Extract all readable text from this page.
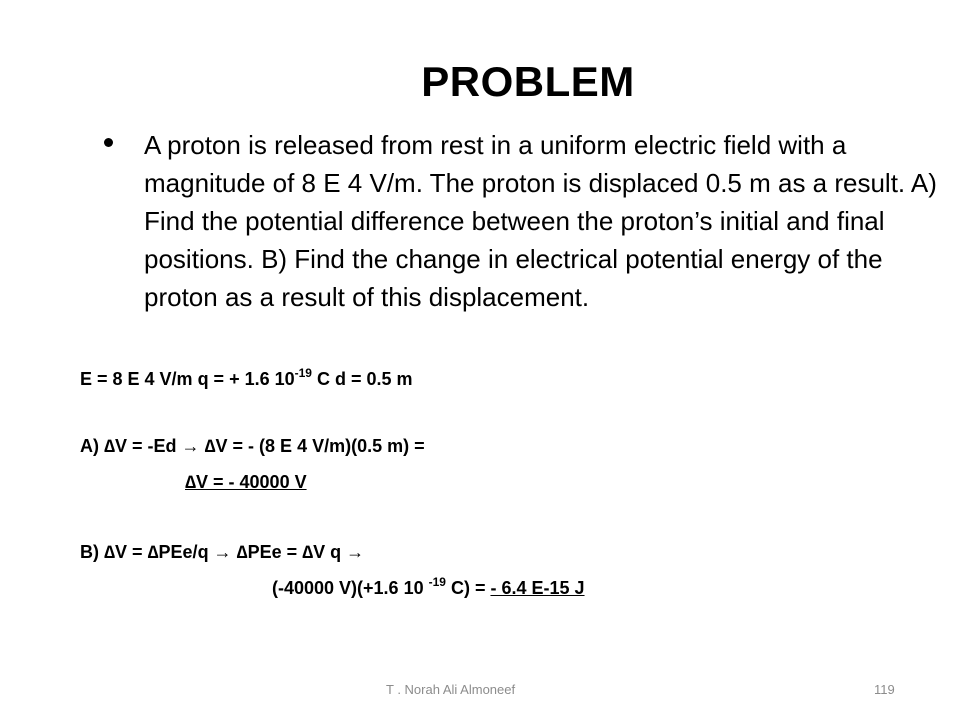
PROBLEM
A proton is released from rest in a uniform electric field with a magnitude of 8 E 4 V/m. The proton is displaced 0.5 m as a result. A) Find the potential difference between the proton’s initial and final positions. B) Find the change in electrical potential energy of the proton as a result of this displacement.
E = 8 E 4 V/m q = + 1.6 $10^{-19}$ C d = 0.5 m
A) ∆V = -Ed → ∆V = - (8 E 4 V/m)(0.5 m) =
∆V = - 40000 V
B) ∆V = ∆PEe/q → ∆PEe = ∆V q →
(-40000 V)(+1.6 10 $^{-19}$ C) = - 6.4 E-15 J
T . Norah Ali Almoneef	119
